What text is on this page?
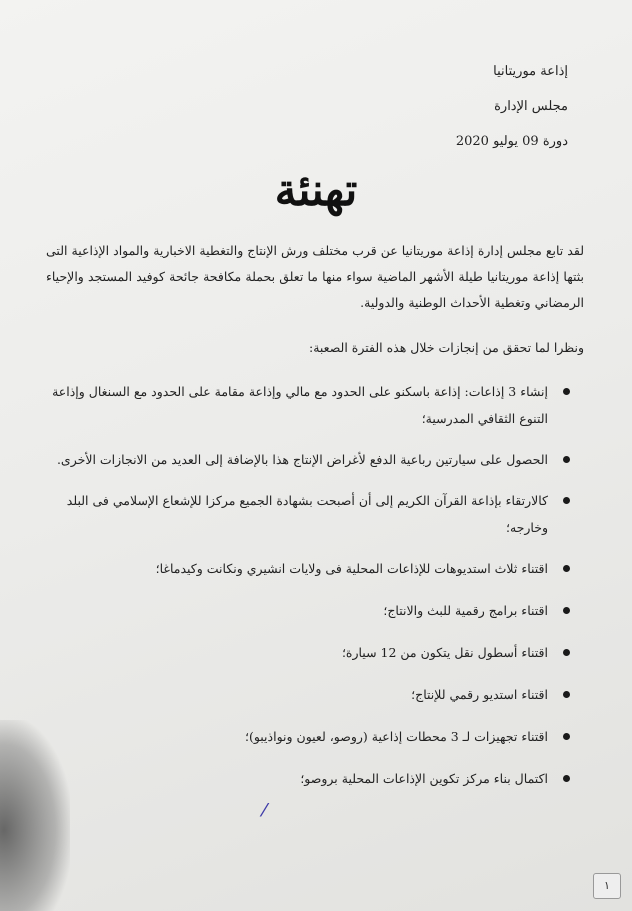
إذاعة موريتانيا
مجلس الإدارة
دورة 09 يوليو 2020
تهنئة
لقد تابع مجلس إدارة إذاعة موريتانيا عن قرب مختلف ورش الإنتاج والتغطية الاخبارية والمواد الإذاعية التى بثتها إذاعة موريتانيا طيلة الأشهر الماضية سواء منها ما تعلق بحملة مكافحة جائحة كوفيد المستجد والإحياء الرمضاني وتغطية الأحداث الوطنية والدولية.
ونظرا لما تحقق من إنجازات خلال هذه الفترة الصعبة:
إنشاء 3 إذاعات: إذاعة باسكنو على الحدود مع مالي وإذاعة مقامة على الحدود مع السنغال وإذاعة التنوع الثقافي المدرسية؛
الحصول على سيارتين رباعية الدفع لأغراض الإنتاج هذا بالإضافة إلى العديد من الانجازات الأخرى.
كالارتقاء بإذاعة القرآن الكريم إلى أن أصبحت بشهادة الجميع مركزا للإشعاع الإسلامي فى البلد وخارجه؛
اقتناء ثلاث استديوهات للإذاعات المحلية فى ولايات انشيري ونكانت وكيدماغا؛
اقتناء برامج رقمية للبث والانتاج؛
اقتناء أسطول نقل يتكون من 12 سيارة؛
اقتناء استديو رقمي للإنتاج؛
اقتناء تجهيزات لـ 3 محطات إذاعية (روصو، لعيون ونواذيبو)؛
اكتمال بناء مركز تكوين الإذاعات المحلية بروصو؛
⁄
١
